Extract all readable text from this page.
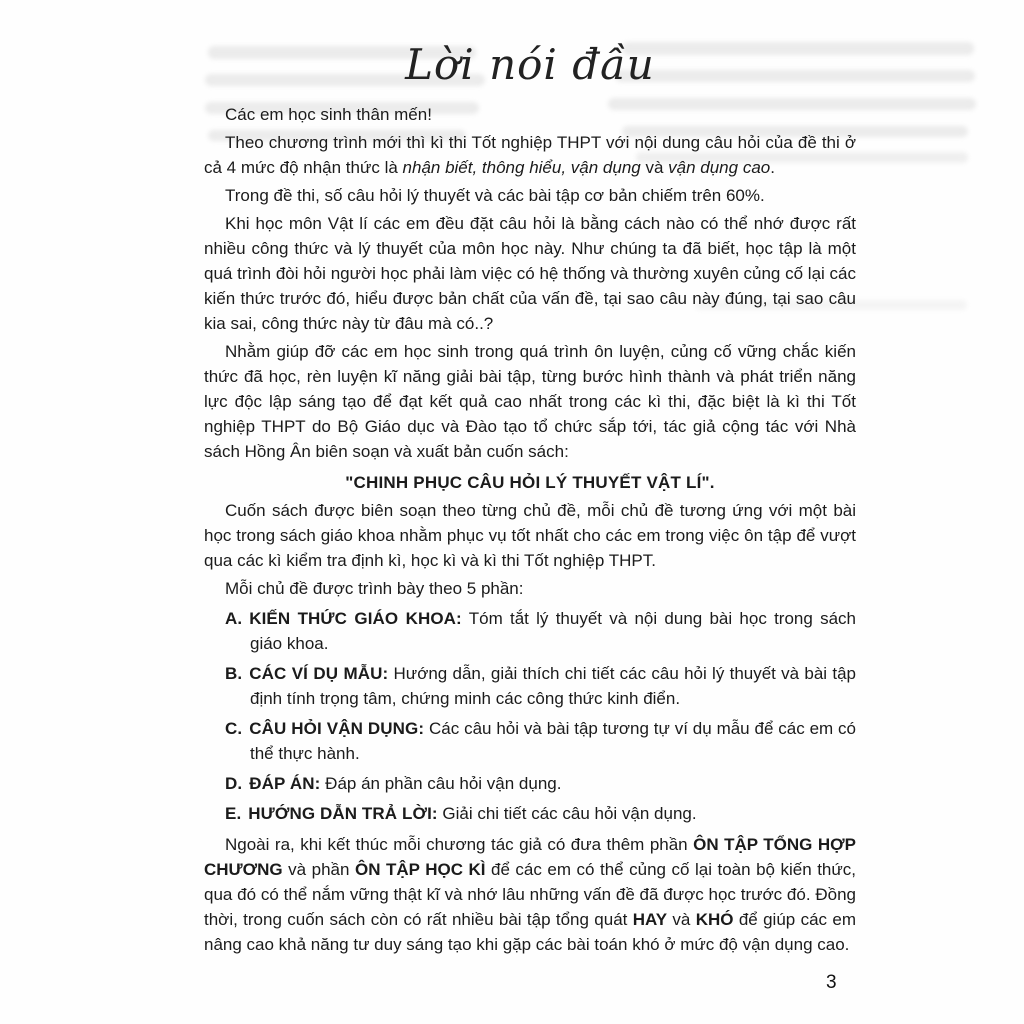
Lời nói đầu

Các em học sinh thân mến!

Theo chương trình mới thì kì thi Tốt nghiệp THPT với nội dung câu hỏi của đề thi ở cả 4 mức độ nhận thức là nhận biết, thông hiểu, vận dụng và vận dụng cao.

Trong đề thi, số câu hỏi lý thuyết và các bài tập cơ bản chiếm trên 60%.

Khi học môn Vật lí các em đều đặt câu hỏi là bằng cách nào có thể nhớ được rất nhiều công thức và lý thuyết của môn học này. Như chúng ta đã biết, học tập là một quá trình đòi hỏi người học phải làm việc có hệ thống và thường xuyên củng cố lại các kiến thức trước đó, hiểu được bản chất của vấn đề, tại sao câu này đúng, tại sao câu kia sai, công thức này từ đâu mà có..?

Nhằm giúp đỡ các em học sinh trong quá trình ôn luyện, củng cố vững chắc kiến thức đã học, rèn luyện kĩ năng giải bài tập, từng bước hình thành và phát triển năng lực độc lập sáng tạo để đạt kết quả cao nhất trong các kì thi, đặc biệt là kì thi Tốt nghiệp THPT do Bộ Giáo dục và Đào tạo tổ chức sắp tới, tác giả cộng tác với Nhà sách Hồng Ân biên soạn và xuất bản cuốn sách:

"CHINH PHỤC CÂU HỎI LÝ THUYẾT VẬT LÍ".

Cuốn sách được biên soạn theo từng chủ đề, mỗi chủ đề tương ứng với một bài học trong sách giáo khoa nhằm phục vụ tốt nhất cho các em trong việc ôn tập để vượt qua các kì kiểm tra định kì, học kì và kì thi Tốt nghiệp THPT.

Mỗi chủ đề được trình bày theo 5 phần:

A. KIẾN THỨC GIÁO KHOA: Tóm tắt lý thuyết và nội dung bài học trong sách giáo khoa.

B. CÁC VÍ DỤ MẪU: Hướng dẫn, giải thích chi tiết các câu hỏi lý thuyết và bài tập định tính trọng tâm, chứng minh các công thức kinh điển.

C. CÂU HỎI VẬN DỤNG: Các câu hỏi và bài tập tương tự ví dụ mẫu để các em có thể thực hành.

D. ĐÁP ÁN: Đáp án phần câu hỏi vận dụng.

E. HƯỚNG DẪN TRẢ LỜI: Giải chi tiết các câu hỏi vận dụng.

Ngoài ra, khi kết thúc mỗi chương tác giả có đưa thêm phần ÔN TẬP TỔNG HỢP CHƯƠNG và phần ÔN TẬP HỌC KÌ để các em có thể củng cố lại toàn bộ kiến thức, qua đó có thể nắm vững thật kĩ và nhớ lâu những vấn đề đã được học trước đó. Đồng thời, trong cuốn sách còn có rất nhiều bài tập tổng quát HAY và KHÓ để giúp các em nâng cao khả năng tư duy sáng tạo khi gặp các bài toán khó ở mức độ vận dụng cao.

3
